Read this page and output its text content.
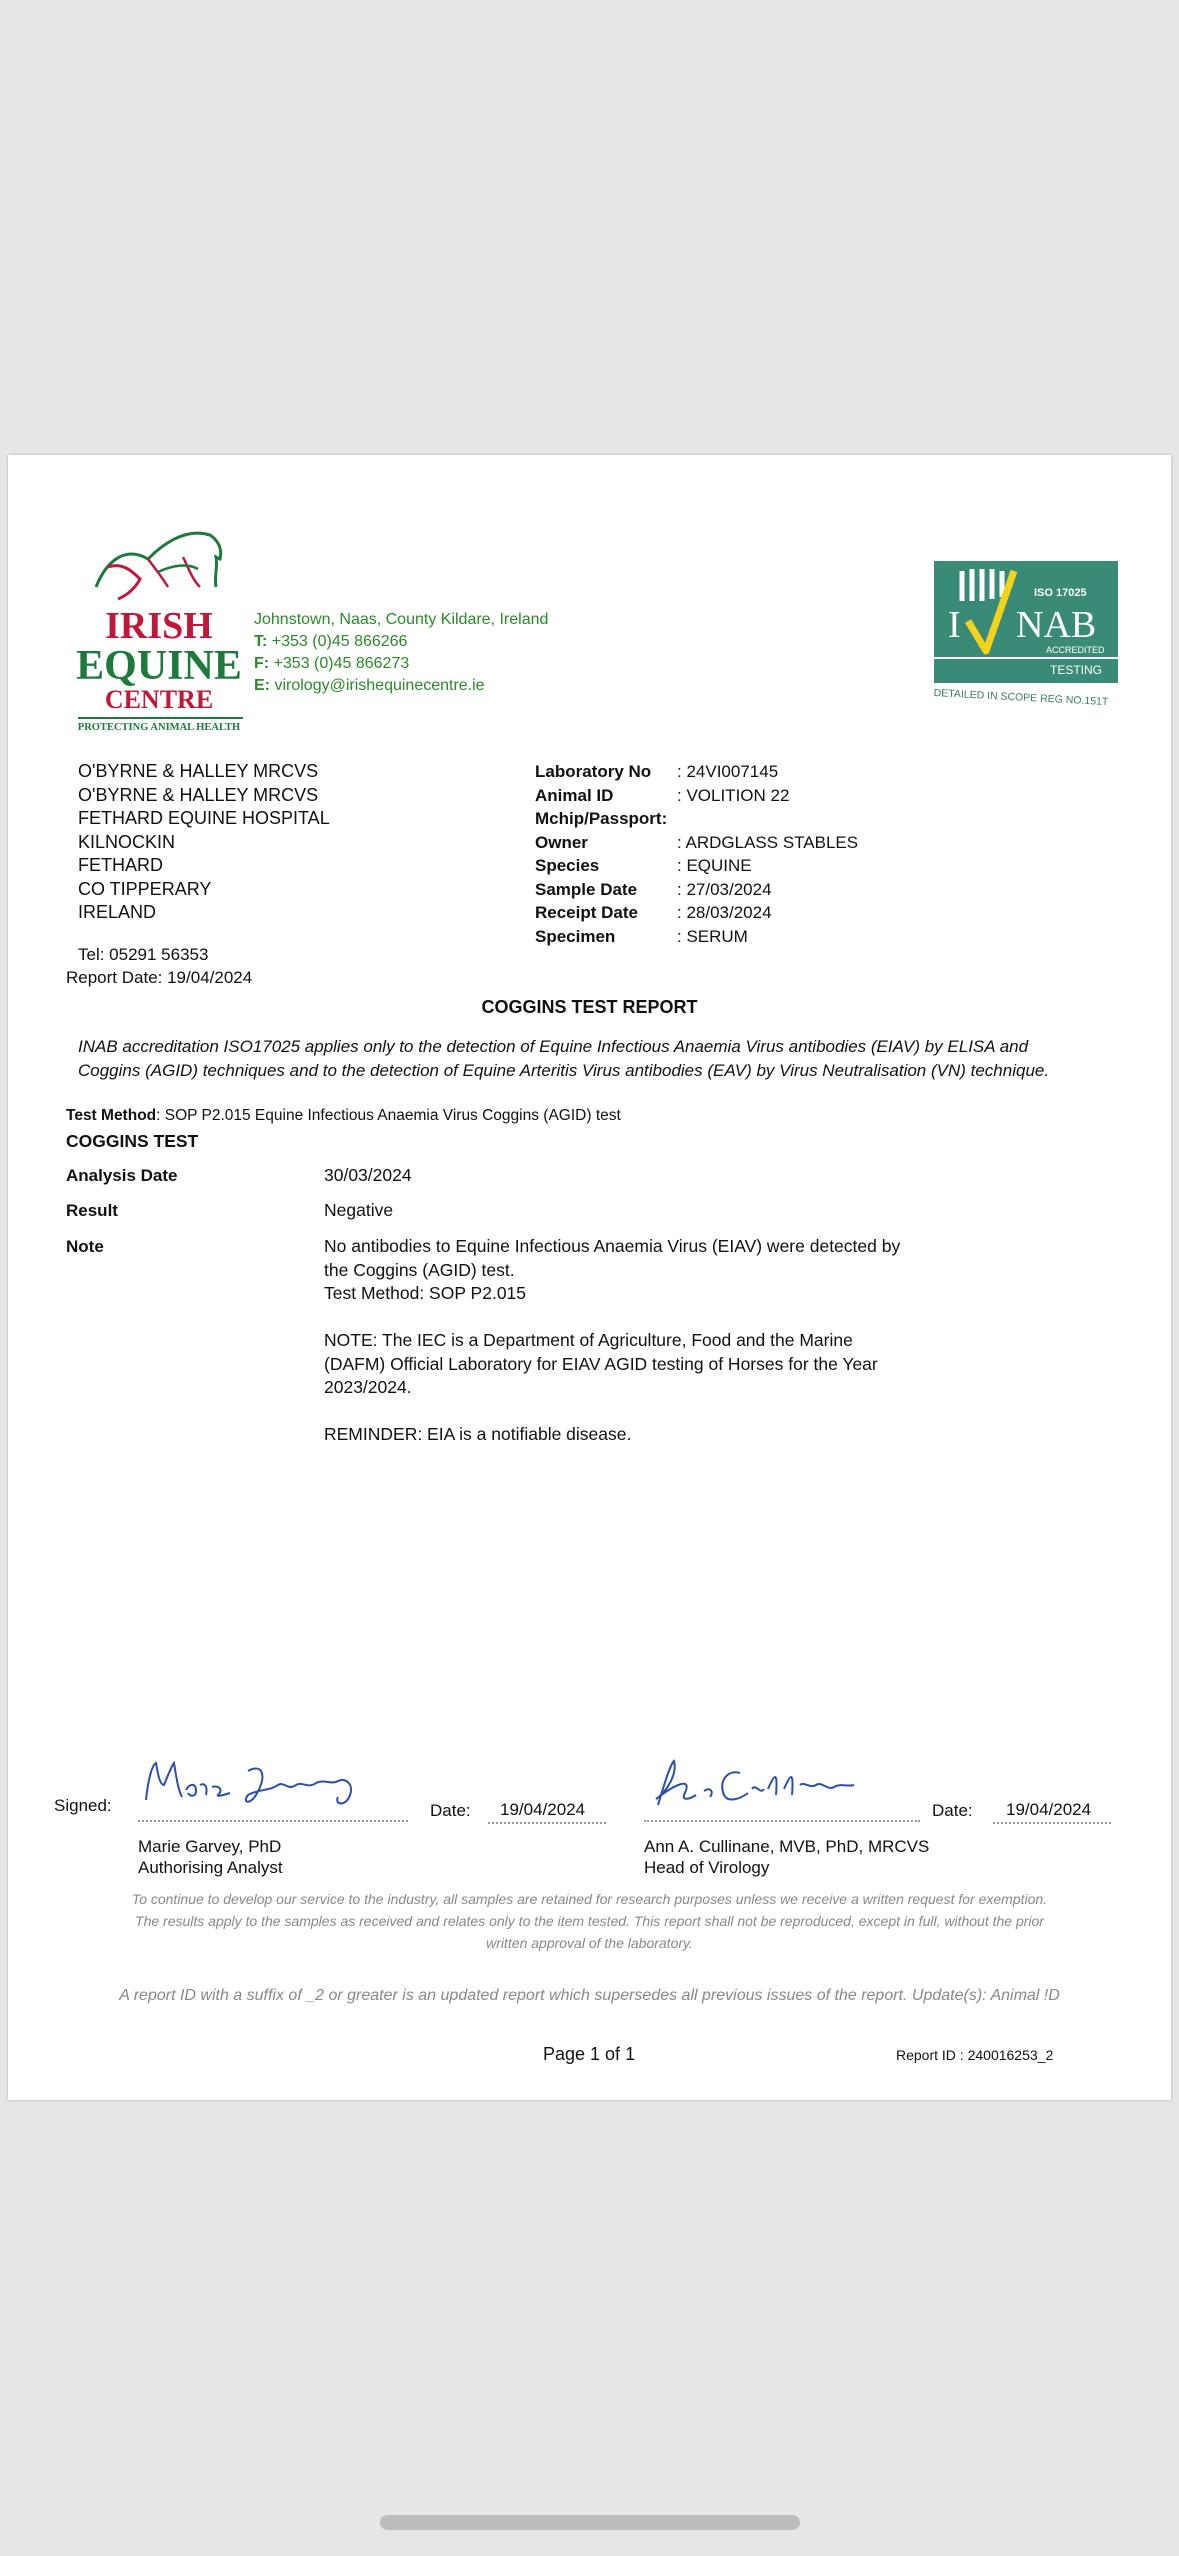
IRISH
EQUINE
CENTRE
PROTECTING ANIMAL HEALTH
Johnstown, Naas, County Kildare, Ireland
T: +353 (0)45 866266
F: +353 (0)45 866273
E: virology@irishequinecentre.ie
ISO 17025
I NAB
ACCREDITED
TESTING
DETAILED IN SCOPE REG NO.151T
O'BYRNE & HALLEY MRCVS
O'BYRNE & HALLEY MRCVS
FETHARD EQUINE HOSPITAL
KILNOCKIN
FETHARD
CO TIPPERARY
IRELAND
Tel: 05291 56353
Report Date: 19/04/2024
Laboratory No : 24VI007145
Animal ID	: VOLITION 22
Mchip/Passport:
Owner	: ARDGLASS STABLES
Species	: EQUINE
Sample Date : 27/03/2024
Receipt Date : 28/03/2024
Specimen	: SERUM
COGGINS TEST REPORT
INAB accreditation ISO17025 applies only to the detection of Equine Infectious Anaemia Virus antibodies (EIAV) by ELISA and Coggins (AGID) techniques and to the detection of Equine Arteritis Virus antibodies (EAV) by Virus Neutralisation (VN) technique.
Test Method: SOP P2.015 Equine Infectious Anaemia Virus Coggins (AGID) test
COGGINS TEST
Analysis Date	30/03/2024
Result	Negative
Note	No antibodies to Equine Infectious Anaemia Virus (EIAV) were detected by
the Coggins (AGID) test.
Test Method: SOP P2.015
NOTE: The IEC is a Department of Agriculture, Food and the Marine
(DAFM) Official Laboratory for EIAV AGID testing of Horses for the Year
2023/2024.
REMINDER: EIA is a notifiable disease.
Signed:
Marie Garvey, PhD
Authorising Analyst
Date: 19/04/2024
Ann A. Cullinane, MVB, PhD, MRCVS
Head of Virology
Date: 19/04/2024
To continue to develop our service to the industry, all samples are retained for research purposes unless we receive a written request for exemption.
The results apply to the samples as received and relates only to the item tested. This report shall not be reproduced, except in full, without the prior
written approval of the laboratory.
A report ID with a suffix of _2 or greater is an updated report which supersedes all previous issues of the report. Update(s): Animal !D
Page 1 of 1	Report ID : 240016253_2
